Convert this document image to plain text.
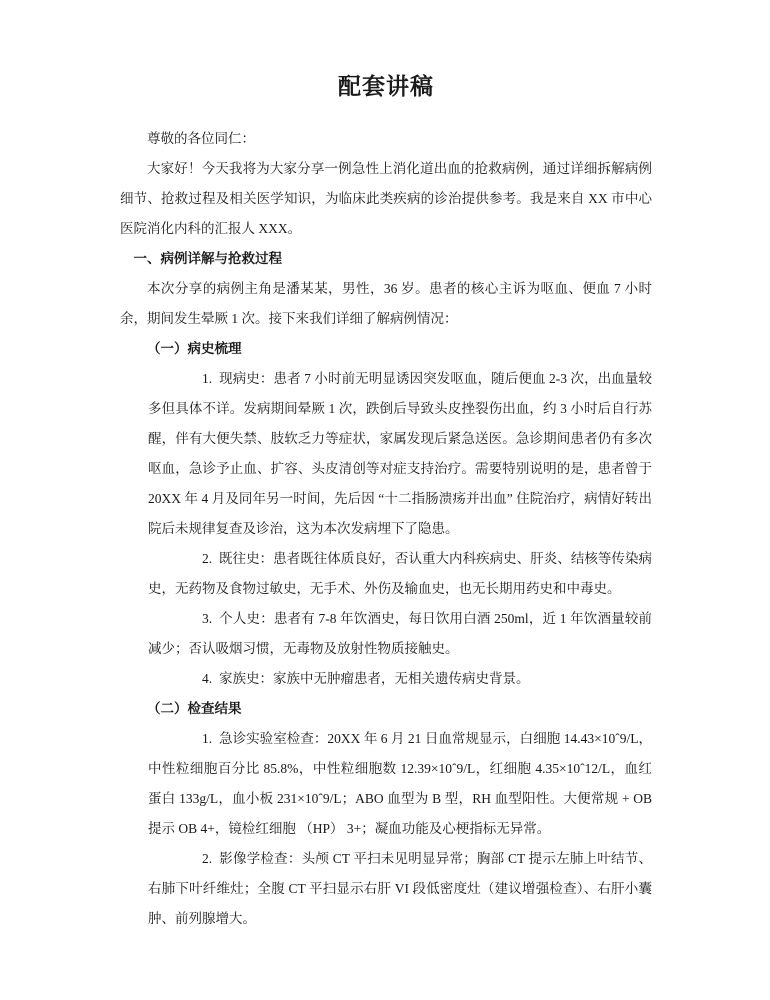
配套讲稿

尊敬的各位同仁：

大家好！今天我将为大家分享一例急性上消化道出血的抢救病例，通过详细拆解病例细节、抢救过程及相关医学知识，为临床此类疾病的诊治提供参考。我是来自 XX 市中心医院消化内科的汇报人 XXX。

一、病例详解与抢救过程

本次分享的病例主角是潘某某，男性，36 岁。患者的核心主诉为呕血、便血 7 小时余，期间发生晕厥 1 次。接下来我们详细了解病例情况：

（一）病史梳理

1. 现病史：患者 7 小时前无明显诱因突发呕血，随后便血 2-3 次，出血量较多但具体不详。发病期间晕厥 1 次，跌倒后导致头皮挫裂伤出血，约 3 小时后自行苏醒，伴有大便失禁、肢软乏力等症状，家属发现后紧急送医。急诊期间患者仍有多次呕血，急诊予止血、扩容、头皮清创等对症支持治疗。需要特别说明的是，患者曾于 20XX 年 4 月及同年另一时间，先后因 “十二指肠溃疡并出血” 住院治疗，病情好转出院后未规律复查及诊治，这为本次发病埋下了隐患。

2. 既往史：患者既往体质良好，否认重大内科疾病史、肝炎、结核等传染病史，无药物及食物过敏史，无手术、外伤及输血史，也无长期用药史和中毒史。

3. 个人史：患者有 7-8 年饮酒史，每日饮用白酒 250ml，近 1 年饮酒量较前减少；否认吸烟习惯，无毒物及放射性物质接触史。

4. 家族史：家族中无肿瘤患者，无相关遗传病史背景。

（二）检查结果

1. 急诊实验室检查：20XX 年 6 月 21 日血常规显示，白细胞 14.43×10ˆ9/L，中性粒细胞百分比 85.8%，中性粒细胞数 12.39×10ˆ9/L，红细胞 4.35×10ˆ12/L，血红蛋白 133g/L，血小板 231×10ˆ9/L；ABO 血型为 B 型，RH 血型阳性。大便常规 + OB 提示 OB 4+，镜检红细胞 （HP） 3+；凝血功能及心梗指标无异常。

2. 影像学检查：头颅 CT 平扫未见明显异常；胸部 CT 提示左肺上叶结节、右肺下叶纤维灶；全腹 CT 平扫显示右肝 VI 段低密度灶（建议增强检查）、右肝小囊肿、前列腺增大。
